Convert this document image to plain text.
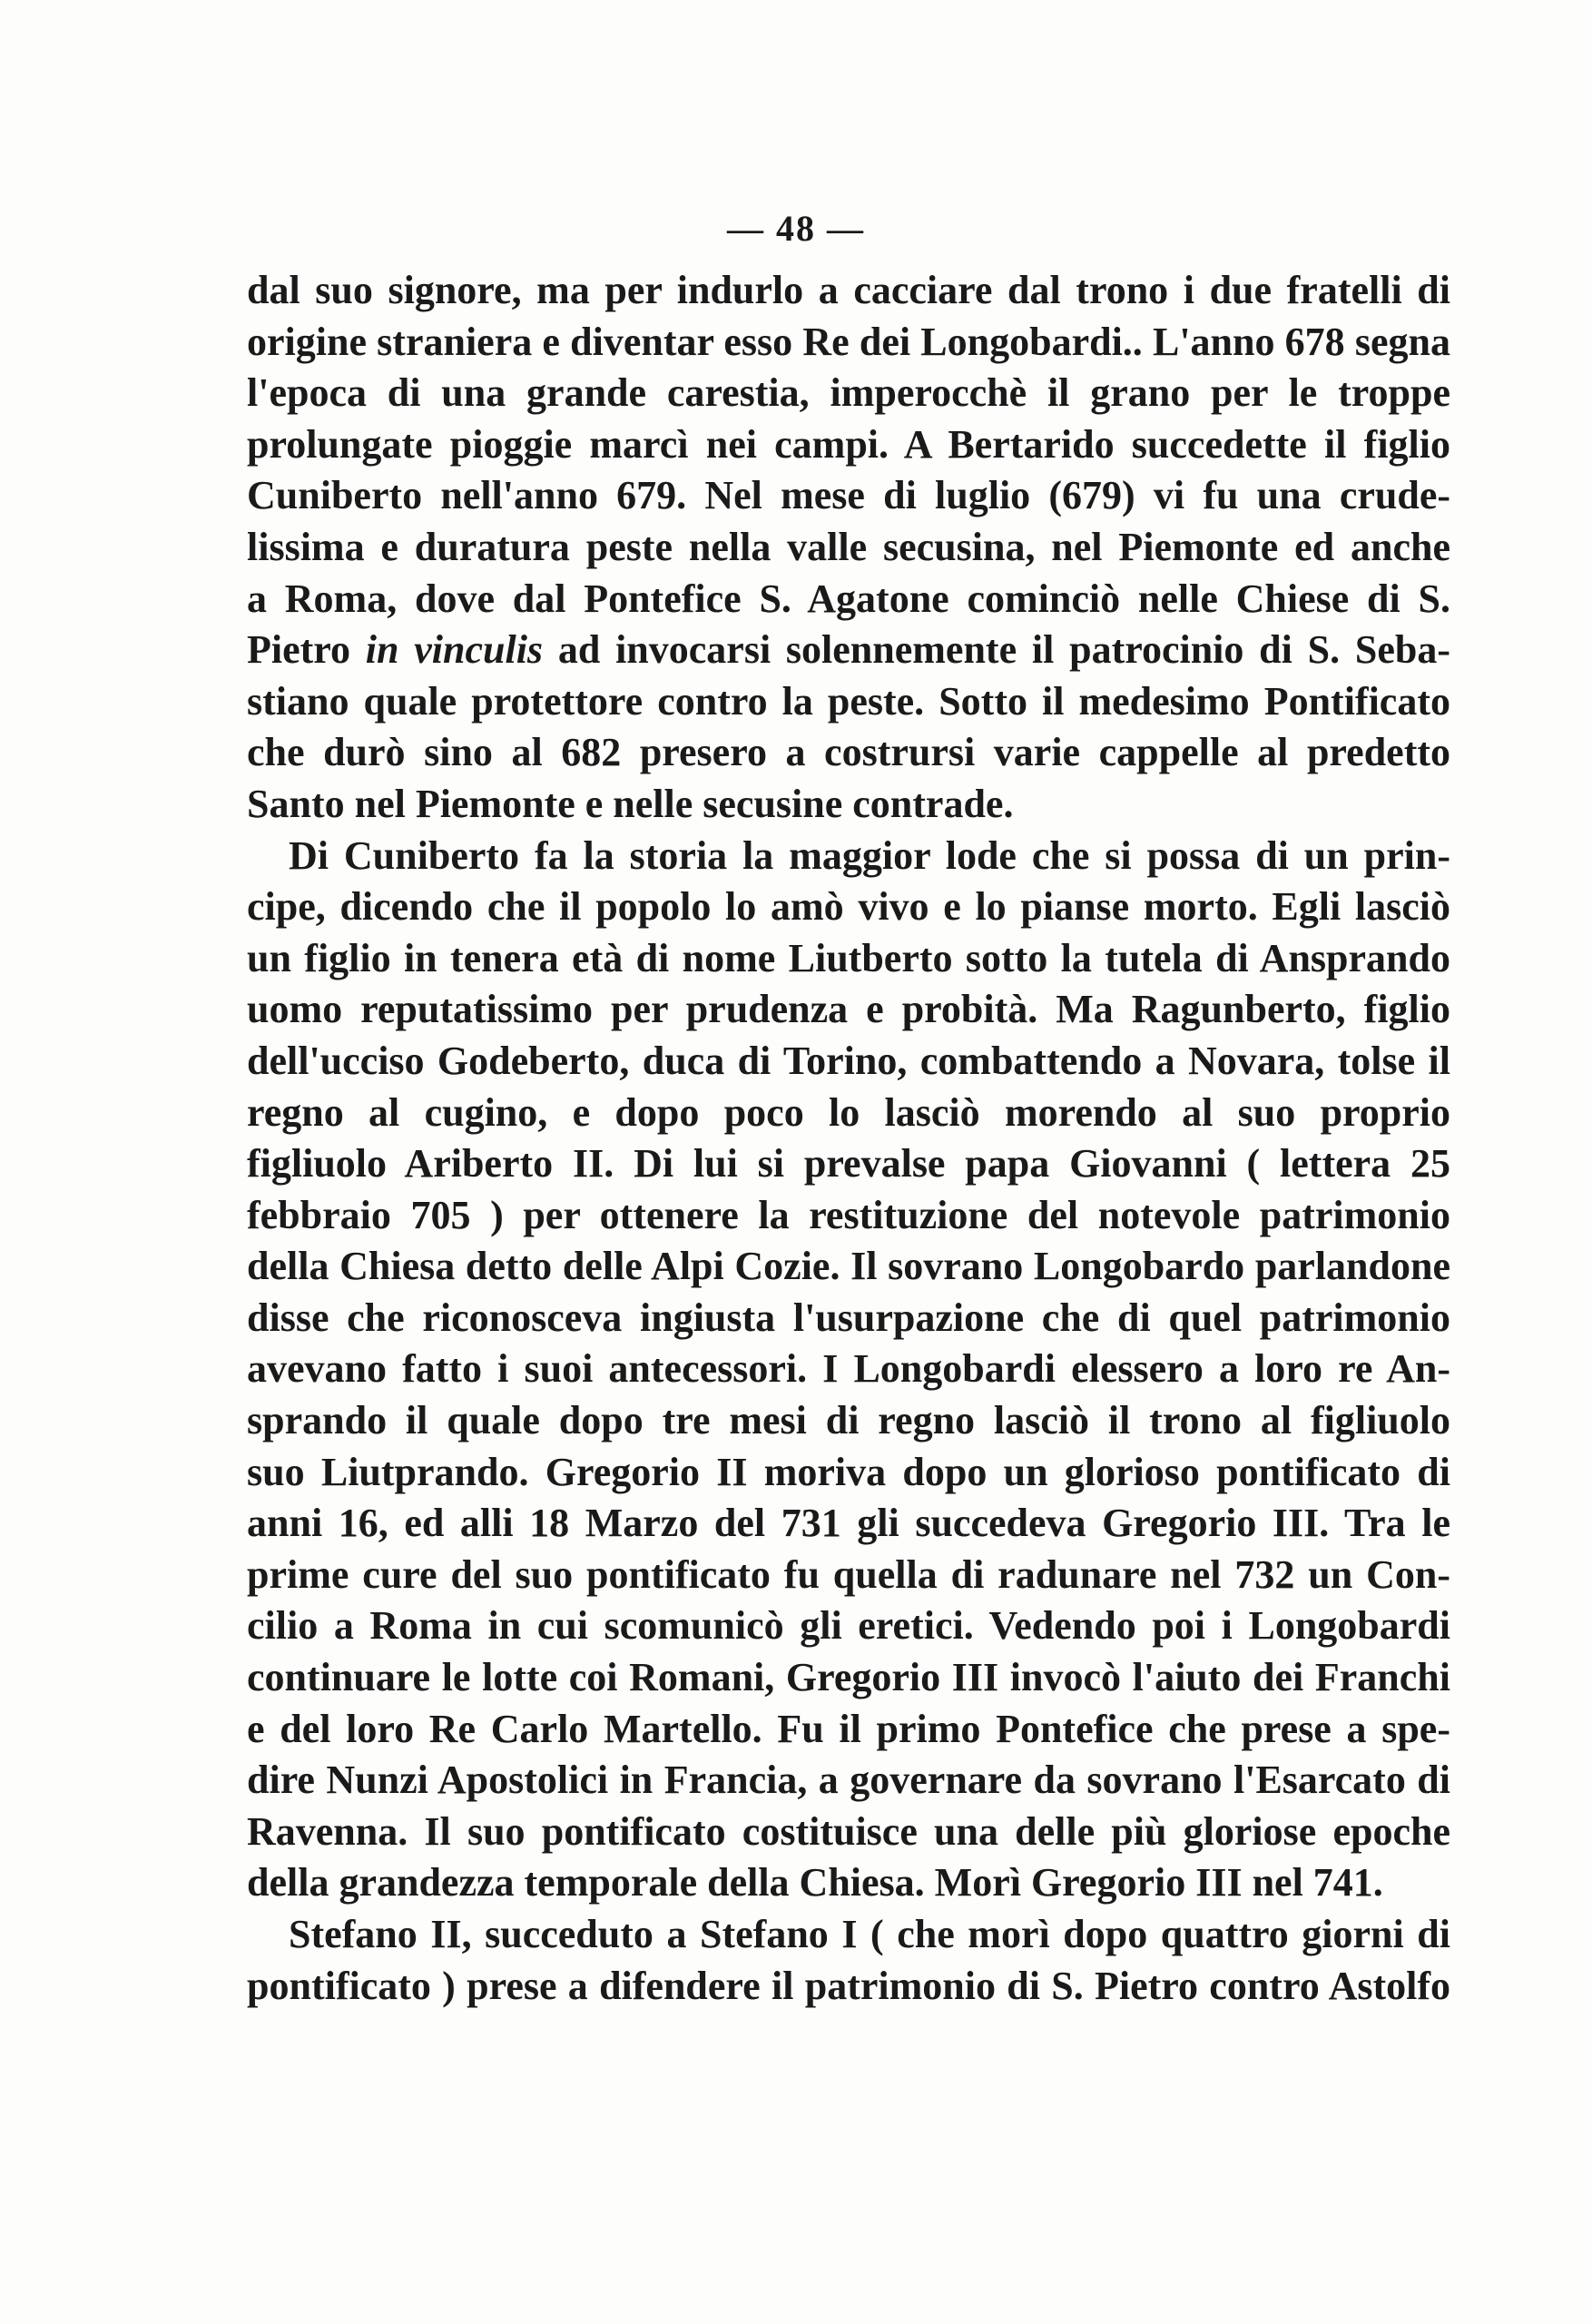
— 48 —
dal suo signore, ma per indurlo a cacciare dal trono i due fratelli di
origine straniera e diventar esso Re dei Longobardi.. L'anno 678 segna
l'epoca di una grande carestia, imperocchè il grano per le troppe
prolungate pioggie marcì nei campi. A Bertarido succedette il figlio
Cuniberto nell'anno 679. Nel mese di luglio (679) vi fu una crude-
lissima e duratura peste nella valle secusina, nel Piemonte ed anche
a Roma, dove dal Pontefice S. Agatone cominciò nelle Chiese di S.
Pietro in vinculis ad invocarsi solennemente il patrocinio di S. Seba-
stiano quale protettore contro la peste. Sotto il medesimo Pontificato
che durò sino al 682 presero a costrursi varie cappelle al predetto
Santo nel Piemonte e nelle secusine contrade.
Di Cuniberto fa la storia la maggior lode che si possa di un prin-
cipe, dicendo che il popolo lo amò vivo e lo pianse morto. Egli lasciò
un figlio in tenera età di nome Liutberto sotto la tutela di Ansprando
uomo reputatissimo per prudenza e probità. Ma Ragunberto, figlio
dell'ucciso Godeberto, duca di Torino, combattendo a Novara, tolse il
regno al cugino, e dopo poco lo lasciò morendo al suo proprio
figliuolo Ariberto II. Di lui si prevalse papa Giovanni ( lettera 25
febbraio 705 ) per ottenere la restituzione del notevole patrimonio
della Chiesa detto delle Alpi Cozie. Il sovrano Longobardo parlandone
disse che riconosceva ingiusta l'usurpazione che di quel patrimonio
avevano fatto i suoi antecessori. I Longobardi elessero a loro re An-
sprando il quale dopo tre mesi di regno lasciò il trono al figliuolo
suo Liutprando. Gregorio II moriva dopo un glorioso pontificato di
anni 16, ed alli 18 Marzo del 731 gli succedeva Gregorio III. Tra le
prime cure del suo pontificato fu quella di radunare nel 732 un Con-
cilio a Roma in cui scomunicò gli eretici. Vedendo poi i Longobardi
continuare le lotte coi Romani, Gregorio III invocò l'aiuto dei Franchi
e del loro Re Carlo Martello. Fu il primo Pontefice che prese a spe-
dire Nunzi Apostolici in Francia, a governare da sovrano l'Esarcato di
Ravenna. Il suo pontificato costituisce una delle più gloriose epoche
della grandezza temporale della Chiesa. Morì Gregorio III nel 741.
Stefano II, succeduto a Stefano I ( che morì dopo quattro giorni di
pontificato ) prese a difendere il patrimonio di S. Pietro contro Astolfo
